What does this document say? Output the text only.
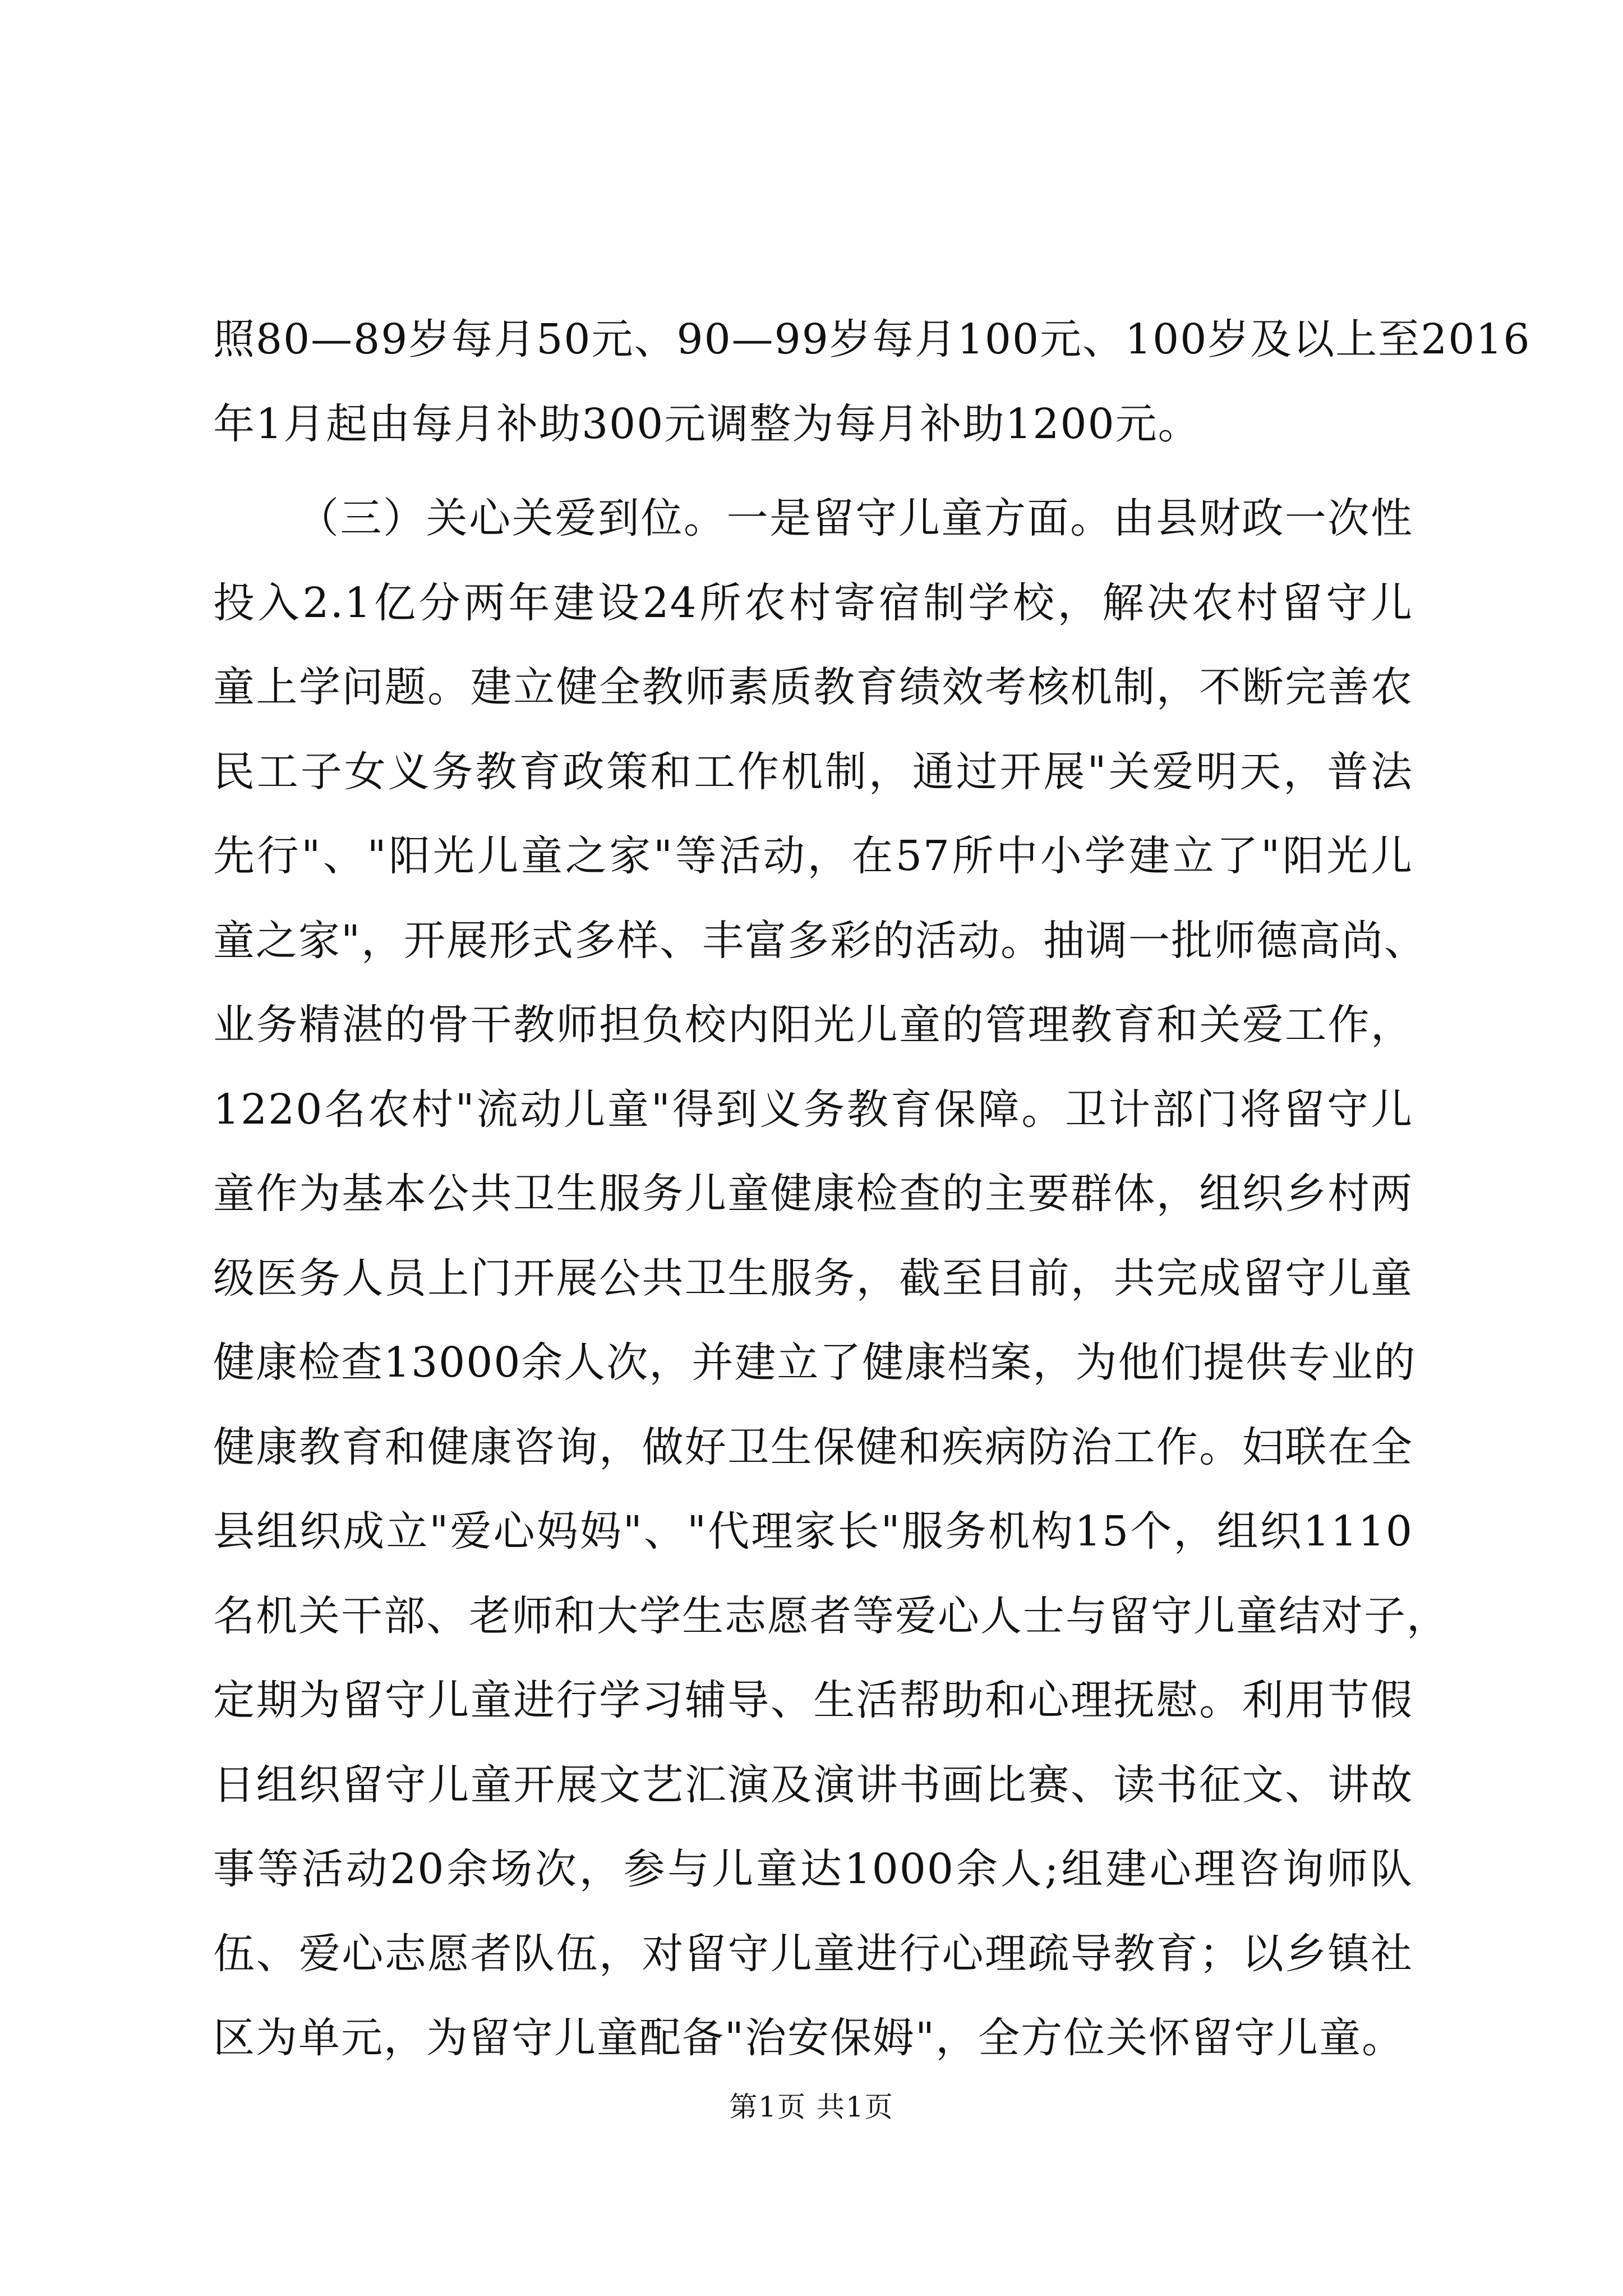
照80—89岁每月50元、90—99岁每月100元、100岁及以上至2016
年1月起由每月补助300元调整为每月补助1200元。
（三）关心关爱到位。一是留守儿童方面。由县财政一次性
投入2.1亿分两年建设24所农村寄宿制学校，解决农村留守儿
童上学问题。建立健全教师素质教育绩效考核机制，不断完善农
民工子女义务教育政策和工作机制，通过开展"关爱明天，普法
先行"、"阳光儿童之家"等活动，在57所中小学建立了"阳光儿
童之家"，开展形式多样、丰富多彩的活动。抽调一批师德高尚、
业务精湛的骨干教师担负校内阳光儿童的管理教育和关爱工作，
1220名农村"流动儿童"得到义务教育保障。卫计部门将留守儿
童作为基本公共卫生服务儿童健康检查的主要群体，组织乡村两
级医务人员上门开展公共卫生服务，截至目前，共完成留守儿童
健康检查13000余人次，并建立了健康档案，为他们提供专业的
健康教育和健康咨询，做好卫生保健和疾病防治工作。妇联在全
县组织成立"爱心妈妈"、"代理家长"服务机构15个，组织1110
名机关干部、老师和大学生志愿者等爱心人士与留守儿童结对子，
定期为留守儿童进行学习辅导、生活帮助和心理抚慰。利用节假
日组织留守儿童开展文艺汇演及演讲书画比赛、读书征文、讲故
事等活动20余场次，参与儿童达1000余人;组建心理咨询师队
伍、爱心志愿者队伍，对留守儿童进行心理疏导教育；以乡镇社
区为单元，为留守儿童配备"治安保姆"，全方位关怀留守儿童。
第1页 共1页
